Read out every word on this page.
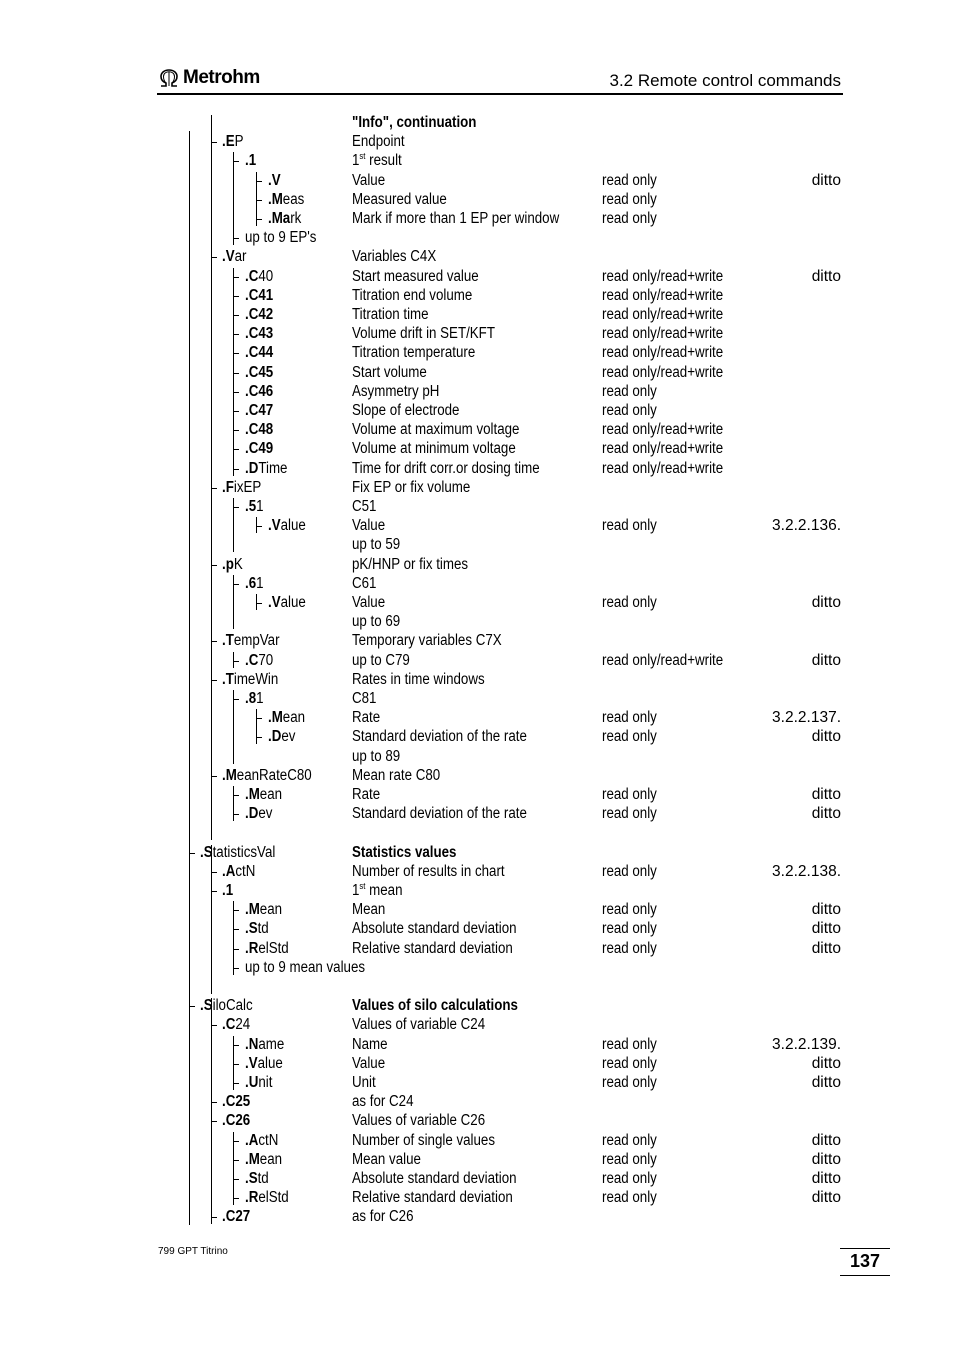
Metrohm	3.2 Remote control commands
"Info", continuation
.EP	Endpoint
.1	1st result
.V	Value	read only	ditto
.Meas	Measured value	read only
.Mark	Mark if more than 1 EP per window	read only
up to 9 EP's
.Var	Variables C4X
.C40	Start measured value	read only/read+write	ditto
.C41	Titration end volume	read only/read+write
.C42	Titration time	read only/read+write
.C43	Volume drift in SET/KFT	read only/read+write
.C44	Titration temperature	read only/read+write
.C45	Start volume	read only/read+write
.C46	Asymmetry pH	read only
.C47	Slope of electrode	read only
.C48	Volume at maximum voltage	read only/read+write
.C49	Volume at minimum voltage	read only/read+write
.DTime	Time for drift corr.or dosing time	read only/read+write
.FixEP	Fix EP or fix volume
.51	C51
.Value	Value	read only	3.2.2.136.
up to 59
.pK	pK/HNP or fix times
.61	C61
.Value	Value	read only	ditto
up to 69
.TempVar	Temporary variables C7X
.C70	up to C79	read only/read+write	ditto
.TimeWin	Rates in time windows
.81	C81
.Mean	Rate	read only	3.2.2.137.
.Dev	Standard deviation of the rate	read only	ditto
up to 89
.MeanRateC80	Mean rate C80
.Mean	Rate	read only	ditto
.Dev	Standard deviation of the rate	read only	ditto
.StatisticsVal	Statistics values
.ActN	Number of results in chart	read only	3.2.2.138.
.1	1st mean
.Mean	Mean	read only	ditto
.Std	Absolute standard deviation	read only	ditto
.RelStd	Relative standard deviation	read only	ditto
up to 9 mean values
.SiloCalc	Values of silo calculations
.C24	Values of variable C24
.Name	Name	read only	3.2.2.139.
.Value	Value	read only	ditto
.Unit	Unit	read only	ditto
.C25	as for C24
.C26	Values of variable C26
.ActN	Number of single values	read only	ditto
.Mean	Mean value	read only	ditto
.Std	Absolute standard deviation	read only	ditto
.RelStd	Relative standard deviation	read only	ditto
.C27	as for C26
799 GPT Titrino	137
